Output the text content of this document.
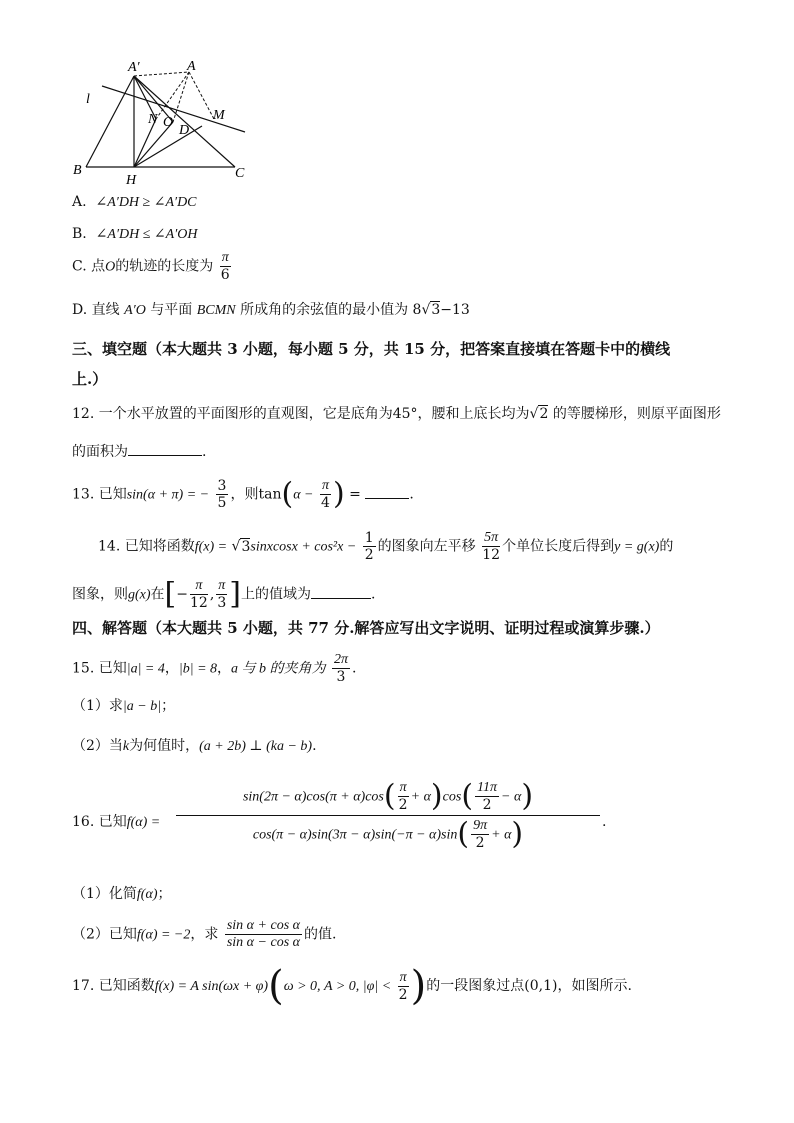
A′	A
l
N O
D
M
B
H	C
A. ∠A′DH ≥ ∠A′DC
B. ∠A′DH ≤ ∠A′OH
C. 点O的轨迹的长度为 $\frac{\pi}{6}$
D. 直线 A′O 与平面 BCMN 所成角的余弦值的最小值为 8√3−13
三、填空题（本大题共 3 小题，每小题 5 分，共 15 分，把答案直接填在答题卡中的横线
上.）
12. 一个水平放置的平面图形的直观图，它是底角为45°，腰和上底长均为√2 的等腰梯形，则原平面图形
的面积为	.
13. 已知sin(α + π) = − $\frac{3}{5}$ ，则$\tan(\alpha - \frac{\pi}{4}$ ) =	.
14. 已知将函数f(x) = √3sinxcosx + $\cos^2x - \frac{1}{2}$ 的图象向左平移 $\frac{5\pi}{12}$ 个单位长度后得到y = g(x)的
图象，则g(x)在[− $\frac{\pi}{12}$ , $\frac{\pi}{3}$ ]上的值域为	.
四、解答题（本大题共 5 小题，共 77 分.解答应写出文字说明、证明过程或演算步骤.）
15. 已知|a| = 4，|b| = 8，a 与 b 的夹角为 $\frac{2\pi}{3}$ .
（1）求|a − b|；
（2）当k为何值时，(a + 2b) ⊥ (ka − b).
16. 已知$f(\alpha) = \frac{\sin(2\pi - \alpha)\cos(\pi + \alpha)\cos( \frac{\pi}{2} + \alpha)\cos( \frac{11\pi}{2} - \alpha)}{\cos(\pi - \alpha)\sin(3\pi - \alpha)\sin(-\pi - \alpha)\sin( \frac{9\pi}{2} + \alpha)}$ .
（1）化简f(α)；
（2）已知f(α) = −2，求 $\frac{\text{sin α + cos α}}{\text{sin α − cos α}}$ 的值.
17. 已知函数f(x) = A sin(ωx + φ)(ω > 0, A > 0, $|\varphi| < \frac{\pi}{2}$ )的一段图象过点(0,1)，如图所示.
